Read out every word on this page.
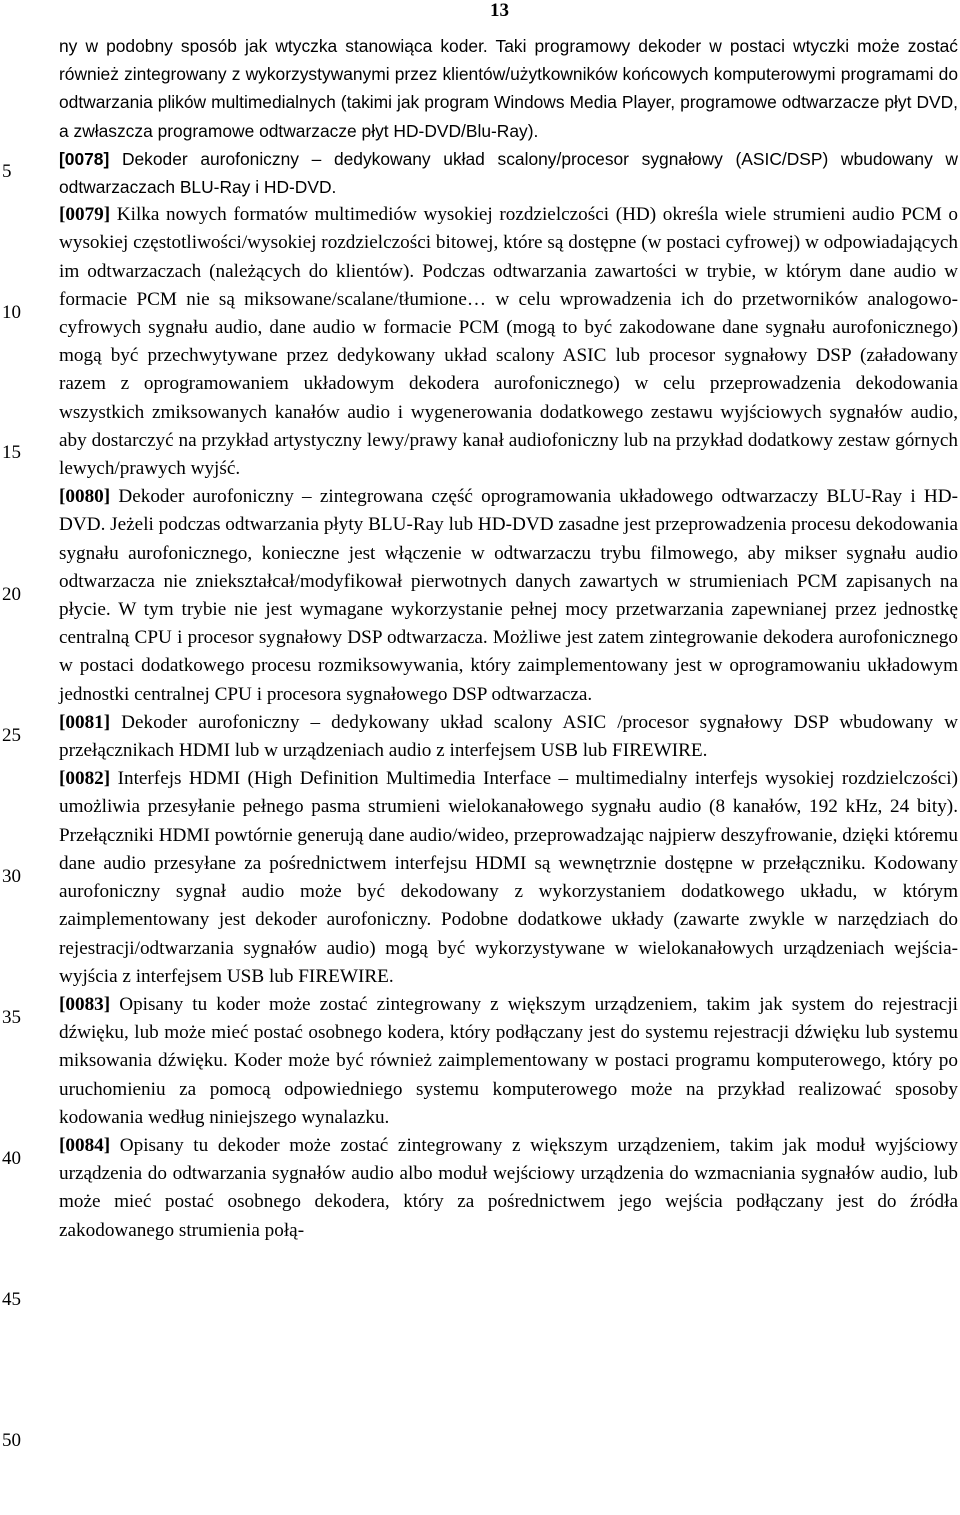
13
5
10
15
20
25
30
35
40
45
50

ny w podobny sposób jak wtyczka stanowiąca koder. Taki programowy dekoder w postaci wtyczki może zostać również zintegrowany z wykorzystywanymi przez klientów/użytkowników końcowych komputerowymi programami do odtwarzania plików multimedialnych (takimi jak program Windows Media Player, programowe odtwarzacze płyt DVD, a zwłaszcza programowe odtwarzacze płyt HD-DVD/Blu-Ray).

[0078] Dekoder aurofoniczny – dedykowany układ scalony/procesor sygnałowy (ASIC/DSP) wbudowany w odtwarzaczach BLU-Ray i HD-DVD.

[0079] Kilka nowych formatów multimediów wysokiej rozdzielczości (HD) określa wiele strumieni audio PCM o wysokiej częstotliwości/wysokiej rozdzielczości bitowej, które są dostępne (w postaci cyfrowej) w odpowiadających im odtwarzaczach (należących do klientów). Podczas odtwarzania zawartości w trybie, w którym dane audio w formacie PCM nie są miksowane/scalane/tłumione… w celu wprowadzenia ich do przetworników analogowo-cyfrowych sygnału audio, dane audio w formacie PCM (mogą to być zakodowane dane sygnału aurofonicznego) mogą być przechwytywane przez dedykowany układ scalony ASIC lub procesor sygnałowy DSP (załadowany razem z oprogramowaniem układowym dekodera aurofonicznego) w celu przeprowadzenia dekodowania wszystkich zmiksowanych kanałów audio i wygenerowania dodatkowego zestawu wyjściowych sygnałów audio, aby dostarczyć na przykład artystyczny lewy/prawy kanał audiofoniczny lub na przykład dodatkowy zestaw górnych lewych/prawych wyjść.

[0080] Dekoder aurofoniczny – zintegrowana część oprogramowania układowego odtwarzaczy BLU-Ray i HD-DVD. Jeżeli podczas odtwarzania płyty BLU-Ray lub HD-DVD zasadne jest przeprowadzenia procesu dekodowania sygnału aurofonicznego, konieczne jest włączenie w odtwarzaczu trybu filmowego, aby mikser sygnału audio odtwarzacza nie zniekształcał/modyfikował pierwotnych danych zawartych w strumieniach PCM zapisanych na płycie. W tym trybie nie jest wymagane wykorzystanie pełnej mocy przetwarzania zapewnianej przez jednostkę centralną CPU i procesor sygnałowy DSP odtwarzacza. Możliwe jest zatem zintegrowanie dekodera aurofonicznego w postaci dodatkowego procesu rozmiksowywania, który zaimplementowany jest w oprogramowaniu układowym jednostki centralnej CPU i procesora sygnałowego DSP odtwarzacza.

[0081] Dekoder aurofoniczny – dedykowany układ scalony ASIC /procesor sygnałowy DSP wbudowany w przełącznikach HDMI lub w urządzeniach audio z interfejsem USB lub FIREWIRE.

[0082] Interfejs HDMI (High Definition Multimedia Interface – multimedialny interfejs wysokiej rozdzielczości) umożliwia przesyłanie pełnego pasma strumieni wielokanałowego sygnału audio (8 kanałów, 192 kHz, 24 bity). Przełączniki HDMI powtórnie generują dane audio/wideo, przeprowadzając najpierw deszyfrowanie, dzięki któremu dane audio przesyłane za pośrednictwem interfejsu HDMI są wewnętrznie dostępne w przełączniku. Kodowany aurofoniczny sygnał audio może być dekodowany z wykorzystaniem dodatkowego układu, w którym zaimplementowany jest dekoder aurofoniczny. Podobne dodatkowe układy (zawarte zwykle w narzędziach do rejestracji/odtwarzania sygnałów audio) mogą być wykorzystywane w wielokanałowych urządzeniach wejścia-wyjścia z interfejsem USB lub FIREWIRE.

[0083] Opisany tu koder może zostać zintegrowany z większym urządzeniem, takim jak system do rejestracji dźwięku, lub może mieć postać osobnego kodera, który podłączany jest do systemu rejestracji dźwięku lub systemu miksowania dźwięku. Koder może być również zaimplementowany w postaci programu komputerowego, który po uruchomieniu za pomocą odpowiedniego systemu komputerowego może na przykład realizować sposoby kodowania według niniejszego wynalazku.

[0084] Opisany tu dekoder może zostać zintegrowany z większym urządzeniem, takim jak moduł wyjściowy urządzenia do odtwarzania sygnałów audio albo moduł wejściowy urządzenia do wzmacniania sygnałów audio, lub może mieć postać osobnego dekodera, który za pośrednictwem jego wejścia podłączany jest do źródła zakodowanego strumienia połą-
